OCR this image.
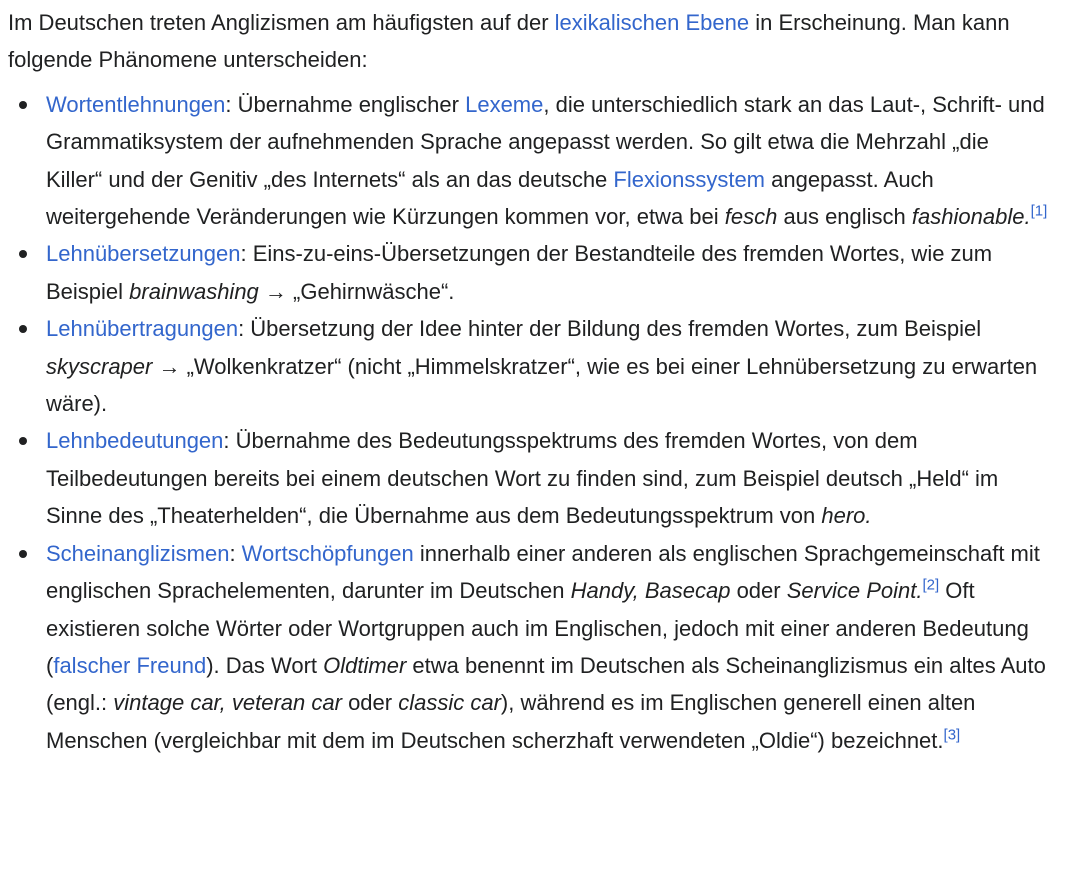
Im Deutschen treten Anglizismen am häufigsten auf der lexikalischen Ebene in Erscheinung. Man kann folgende Phänomene unterscheiden:

Wortentlehnungen: Übernahme englischer Lexeme, die unterschiedlich stark an das Laut-, Schrift- und Grammatiksystem der aufnehmenden Sprache angepasst werden. So gilt etwa die Mehrzahl „die Killer“ und der Genitiv „des Internets“ als an das deutsche Flexionssystem angepasst. Auch weitergehende Veränderungen wie Kürzungen kommen vor, etwa bei fesch aus englisch fashionable.[1]
Lehnübersetzungen: Eins-zu-eins-Übersetzungen der Bestandteile des fremden Wortes, wie zum Beispiel brainwashing → „Gehirnwäsche“.
Lehnübertragungen: Übersetzung der Idee hinter der Bildung des fremden Wortes, zum Beispiel skyscraper → „Wolkenkratzer“ (nicht „Himmelskratzer“, wie es bei einer Lehnübersetzung zu erwarten wäre).
Lehnbedeutungen: Übernahme des Bedeutungsspektrums des fremden Wortes, von dem Teilbedeutungen bereits bei einem deutschen Wort zu finden sind, zum Beispiel deutsch „Held“ im Sinne des „Theaterhelden“, die Übernahme aus dem Bedeutungsspektrum von hero.
Scheinanglizismen: Wortschöpfungen innerhalb einer anderen als englischen Sprachgemeinschaft mit englischen Sprachelementen, darunter im Deutschen Handy, Basecap oder Service Point.[2] Oft existieren solche Wörter oder Wortgruppen auch im Englischen, jedoch mit einer anderen Bedeutung (falscher Freund). Das Wort Oldtimer etwa benennt im Deutschen als Scheinanglizismus ein altes Auto (engl.: vintage car, veteran car oder classic car), während es im Englischen generell einen alten Menschen (vergleichbar mit dem im Deutschen scherzhaft verwendeten „Oldie“) bezeichnet.[3]
